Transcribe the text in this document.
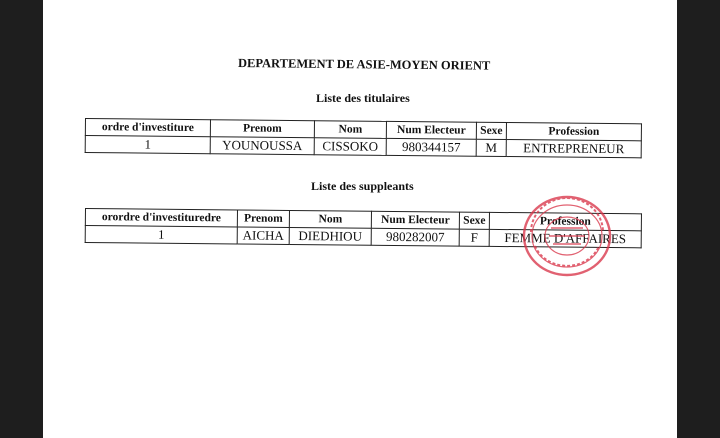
DEPARTEMENT DE ASIE-MOYEN ORIENT
Liste des titulaires
ordre d'investiture	Prenom	Nom	Num Electeur	Sexe	Profession
1	YOUNOUSSA	CISSOKO	980344157	M	ENTREPRENEUR
Liste des suppleants
orordre d'investituredre	Prenom	Nom	Num Electeur	Sexe	Profession
1	AICHA	DIEDHIOU	980282007	F	FEMME D'AFFAIRES
